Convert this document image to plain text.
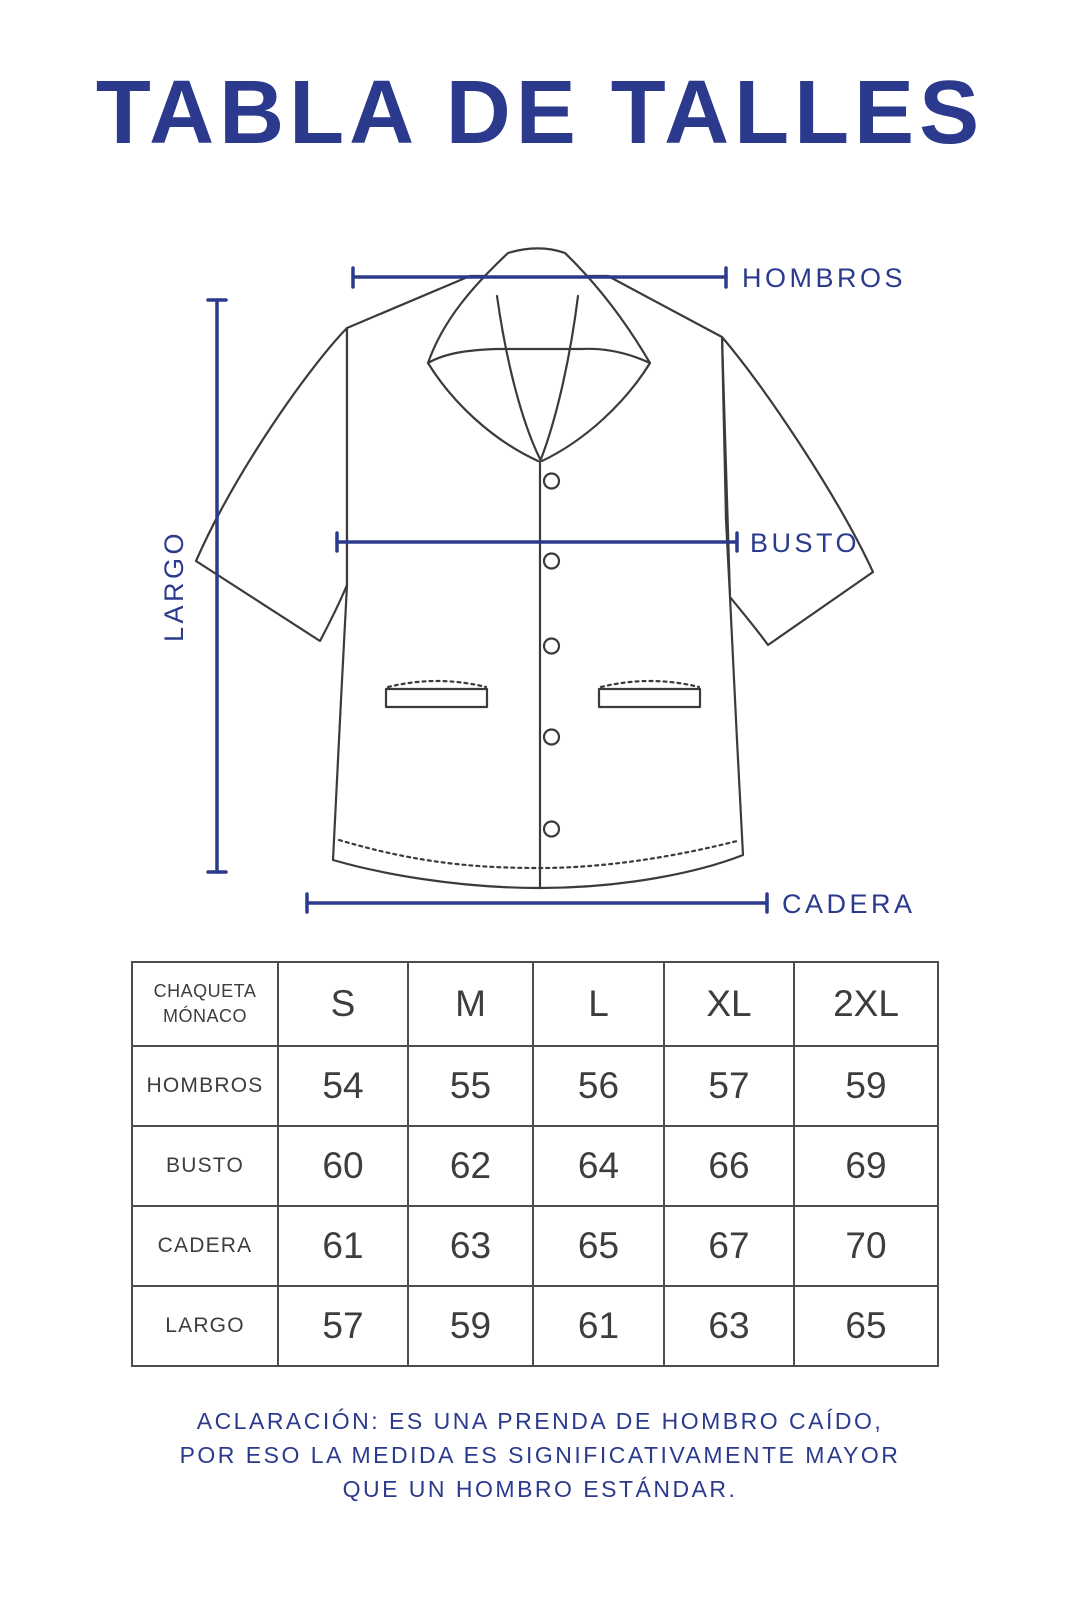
TABLA DE TALLES
HOMBROS
BUSTO
CADERA
LARGO
CHAQUETA
MÓNACO	S	M	L	XL	2XL
HOMBROS	54	55	56	57	59
BUSTO	60	62	64	66	69
CADERA	61	63	65	67	70
LARGO	57	59	61	63	65
ACLARACIÓN: ES UNA PRENDA DE HOMBRO CAÍDO,
POR ESO LA MEDIDA ES SIGNIFICATIVAMENTE MAYOR
QUE UN HOMBRO ESTÁNDAR.
